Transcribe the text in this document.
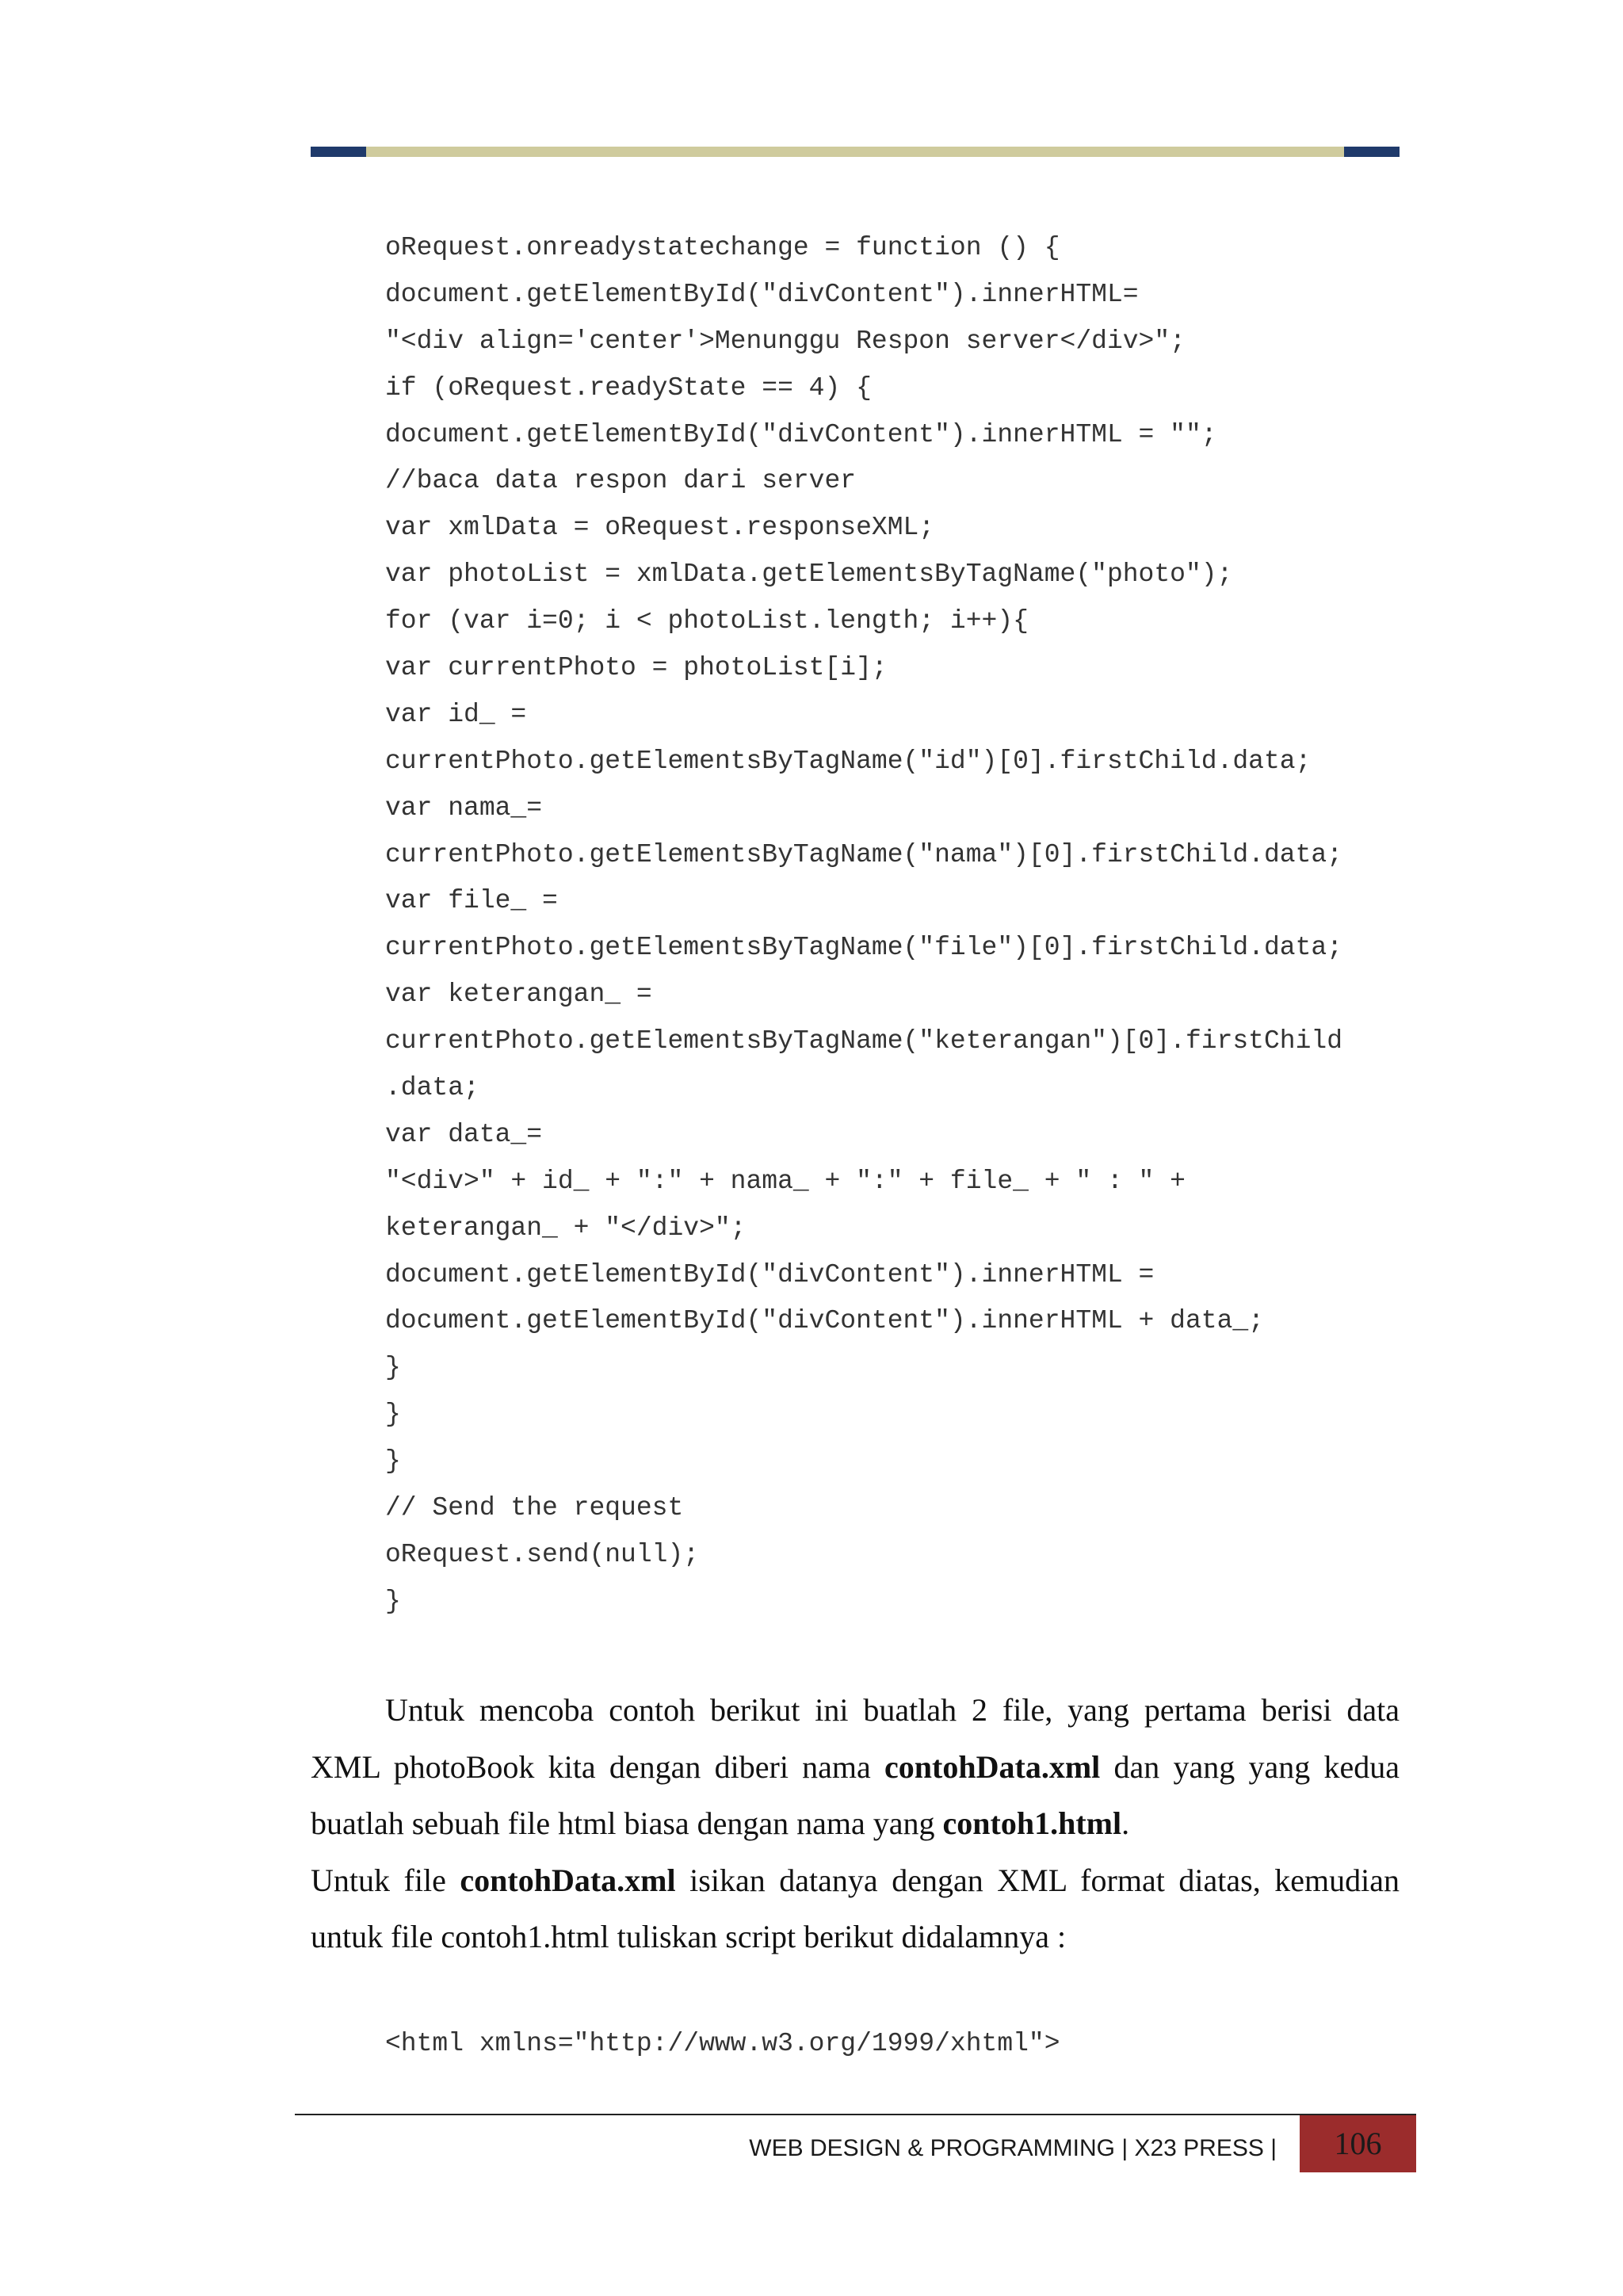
oRequest.onreadystatechange = function () {
document.getElementById("divContent").innerHTML=
"<div align='center'>Menunggu Respon server</div>";
if (oRequest.readyState == 4) {
document.getElementById("divContent").innerHTML = "";
//baca data respon dari server
var xmlData = oRequest.responseXML;
var photoList = xmlData.getElementsByTagName("photo");
for (var i=0; i < photoList.length; i++){
var currentPhoto = photoList[i];
var id_ =
currentPhoto.getElementsByTagName("id")[0].firstChild.data;
var nama_=
currentPhoto.getElementsByTagName("nama")[0].firstChild.data;
var file_ =
currentPhoto.getElementsByTagName("file")[0].firstChild.data;
var keterangan_ =
currentPhoto.getElementsByTagName("keterangan")[0].firstChild
.data;
var data_=
"<div>" + id_ + ":" + nama_ + ":" + file_ + " : " +
keterangan_ + "</div>";
document.getElementById("divContent").innerHTML =
document.getElementById("divContent").innerHTML + data_;
}
}
}
// Send the request
oRequest.send(null);
}

Untuk mencoba contoh berikut ini buatlah 2 file, yang pertama berisi data XML photoBook kita dengan diberi nama contohData.xml dan yang yang kedua buatlah sebuah file html biasa dengan nama yang contoh1.html.

Untuk file contohData.xml isikan datanya dengan XML format diatas, kemudian untuk file contoh1.html tuliskan script berikut didalamnya :

<html xmlns="http://www.w3.org/1999/xhtml">
WEB DESIGN & PROGRAMMING | X23 PRESS |	106
